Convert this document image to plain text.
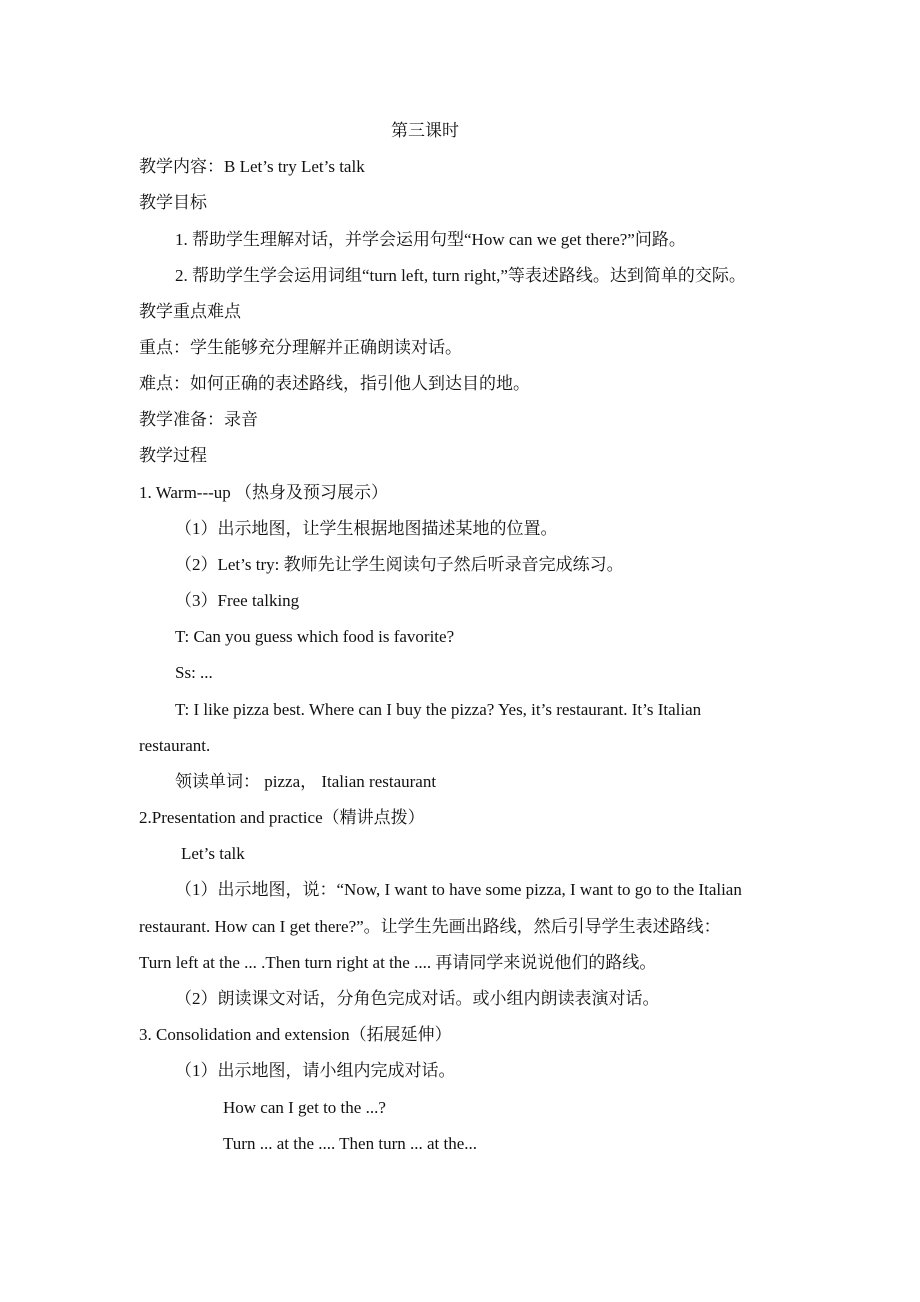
第三课时
教学内容：B Let’s try Let’s talk
教学目标
1. 帮助学生理解对话，并学会运用句型“How can we get there?”问路。
2. 帮助学生学会运用词组“turn left, turn right,”等表述路线。达到简单的交际。
教学重点难点
重点：学生能够充分理解并正确朗读对话。
难点：如何正确的表述路线，指引他人到达目的地。
教学准备：录音
教学过程
1. Warm---up （热身及预习展示）
（1）出示地图，让学生根据地图描述某地的位置。
（2）Let’s try: 教师先让学生阅读句子然后听录音完成练习。
（3）Free talking
T: Can you guess which food is favorite?
Ss: ...
T: I like pizza best. Where can I buy the pizza? Yes, it’s restaurant. It’s Italian
restaurant.
领读单词： pizza， Italian restaurant
2.Presentation and practice（精讲点拨）
Let’s talk
（1）出示地图，说：“Now, I want to have some pizza, I want to go to the Italian
restaurant. How can I get there?”。让学生先画出路线，然后引导学生表述路线：
Turn left at the ... .Then turn right at the .... 再请同学来说说他们的路线。
（2）朗读课文对话，分角色完成对话。或小组内朗读表演对话。
3. Consolidation and extension（拓展延伸）
（1）出示地图，请小组内完成对话。
How can I get to the ...?
Turn ... at the .... Then turn ... at the...
